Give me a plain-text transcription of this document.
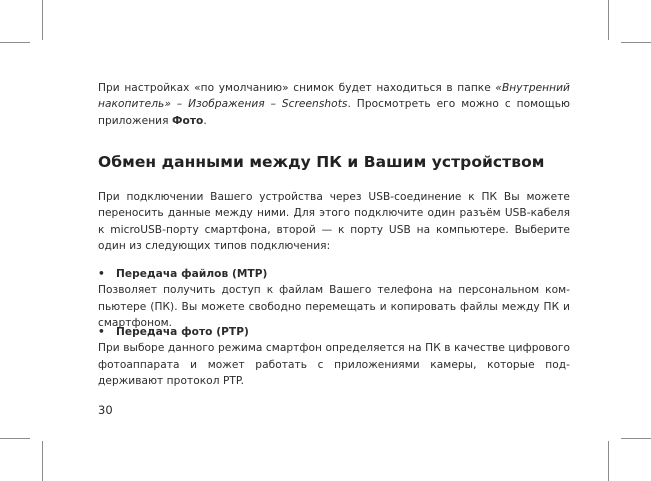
При настройках «по умолчанию» снимок будет находиться в папке «Внутренний накопитель» – Изображения – Screenshots. Просмотреть его можно с помощью приложения Фото.

Обмен данными между ПК и Вашим устройством

При подключении Вашего устройства через USB-соединение к ПК Вы можете переносить данные между ними. Для этого подключите один разъём USB-кабеля к microUSB-порту смартфона, второй — к порту USB на компьютере. Выберите один из следующих типов подключения:

•	Передача файлов (MTP)

Позволяет получить доступ к файлам Вашего телефона на персональном компьютере (ПК). Вы можете свободно перемещать и копировать файлы между ПК и смартфоном.

•	Передача фото (PTP)

При выборе данного режима смартфон определяется на ПК в качестве цифрового фотоаппарата и может работать с приложениями камеры, которые поддерживают протокол PTP.

30
